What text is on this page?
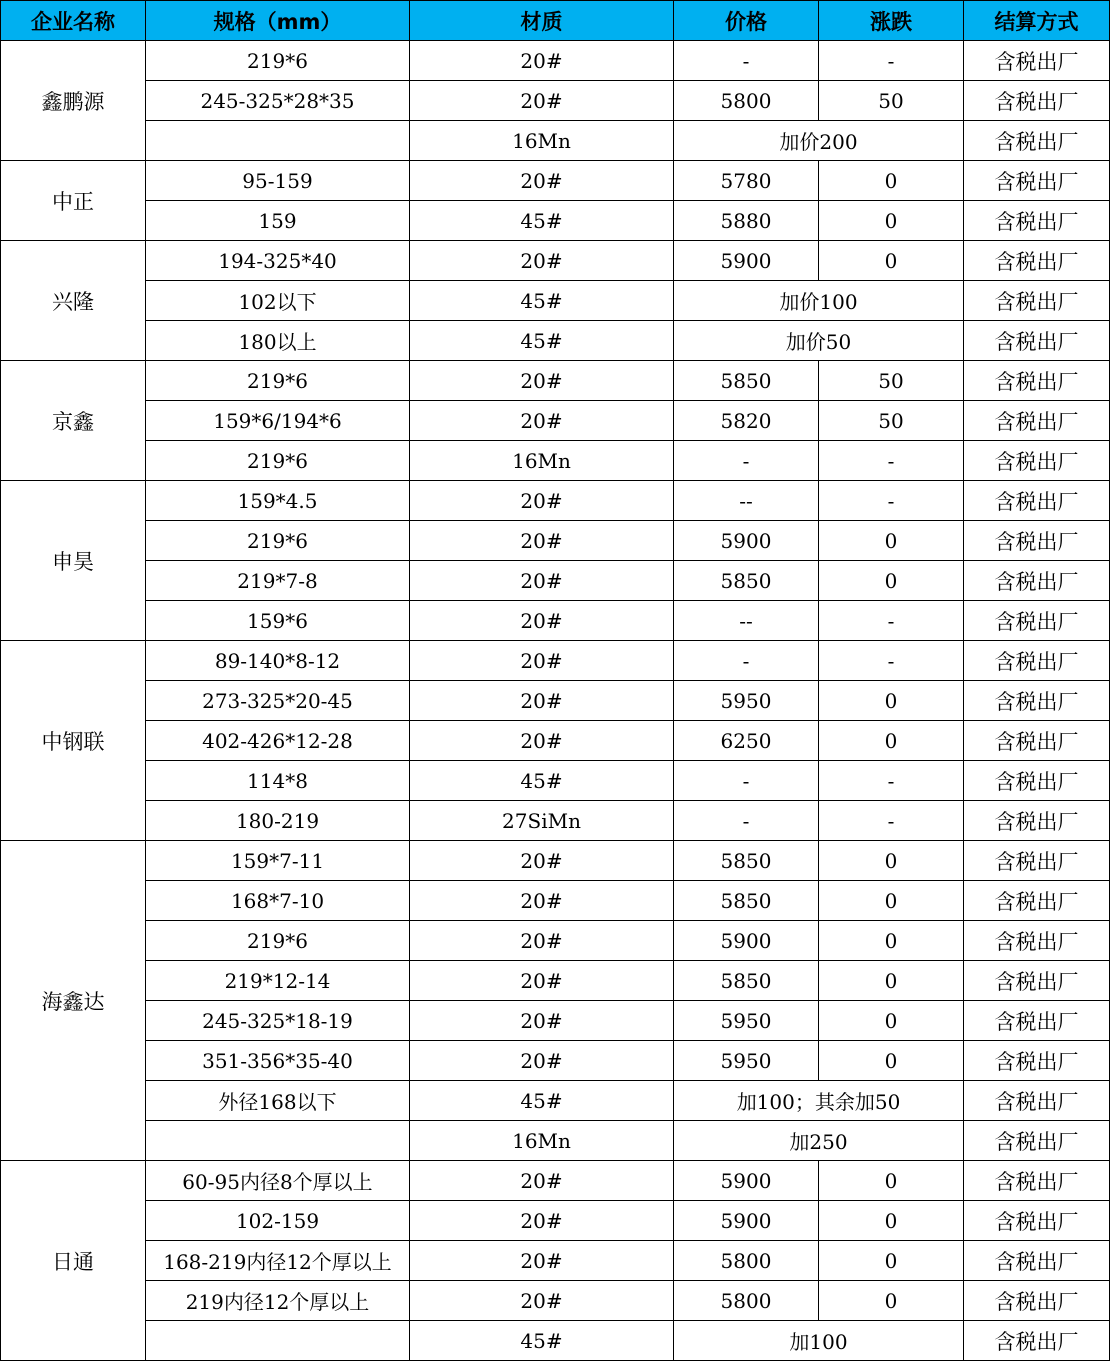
企业名称	规格（mm）	材质	价格	涨跌	结算方式
鑫鹏源	219*6	20#	-	-	含税出厂
	245-325*28*35	20#	5800	50	含税出厂
		16Mn	加价200		含税出厂
中正	95-159	20#	5780	0	含税出厂
	159	45#	5880	0	含税出厂
兴隆	194-325*40	20#	5900	0	含税出厂
	102以下	45#	加价100		含税出厂
	180以上	45#	加价50		含税出厂
京鑫	219*6	20#	5850	50	含税出厂
	159*6/194*6	20#	5820	50	含税出厂
	219*6	16Mn	-	-	含税出厂
申昊	159*4.5	20#	--	-	含税出厂
	219*6	20#	5900	0	含税出厂
	219*7-8	20#	5850	0	含税出厂
	159*6	20#	--	-	含税出厂
中钢联	89-140*8-12	20#	-	-	含税出厂
	273-325*20-45	20#	5950	0	含税出厂
	402-426*12-28	20#	6250	0	含税出厂
	114*8	45#	-	-	含税出厂
	180-219	27SiMn	-	-	含税出厂
海鑫达	159*7-11	20#	5850	0	含税出厂
	168*7-10	20#	5850	0	含税出厂
	219*6	20#	5900	0	含税出厂
	219*12-14	20#	5850	0	含税出厂
	245-325*18-19	20#	5950	0	含税出厂
	351-356*35-40	20#	5950	0	含税出厂
	外径168以下	45#	加100；其余加50		含税出厂
		16Mn	加250		含税出厂
日通	60-95内径8个厚以上	20#	5900	0	含税出厂
	102-159	20#	5900	0	含税出厂
	168-219内径12个厚以上	20#	5800	0	含税出厂
	219内径12个厚以上	20#	5800	0	含税出厂
		45#	加100		含税出厂
